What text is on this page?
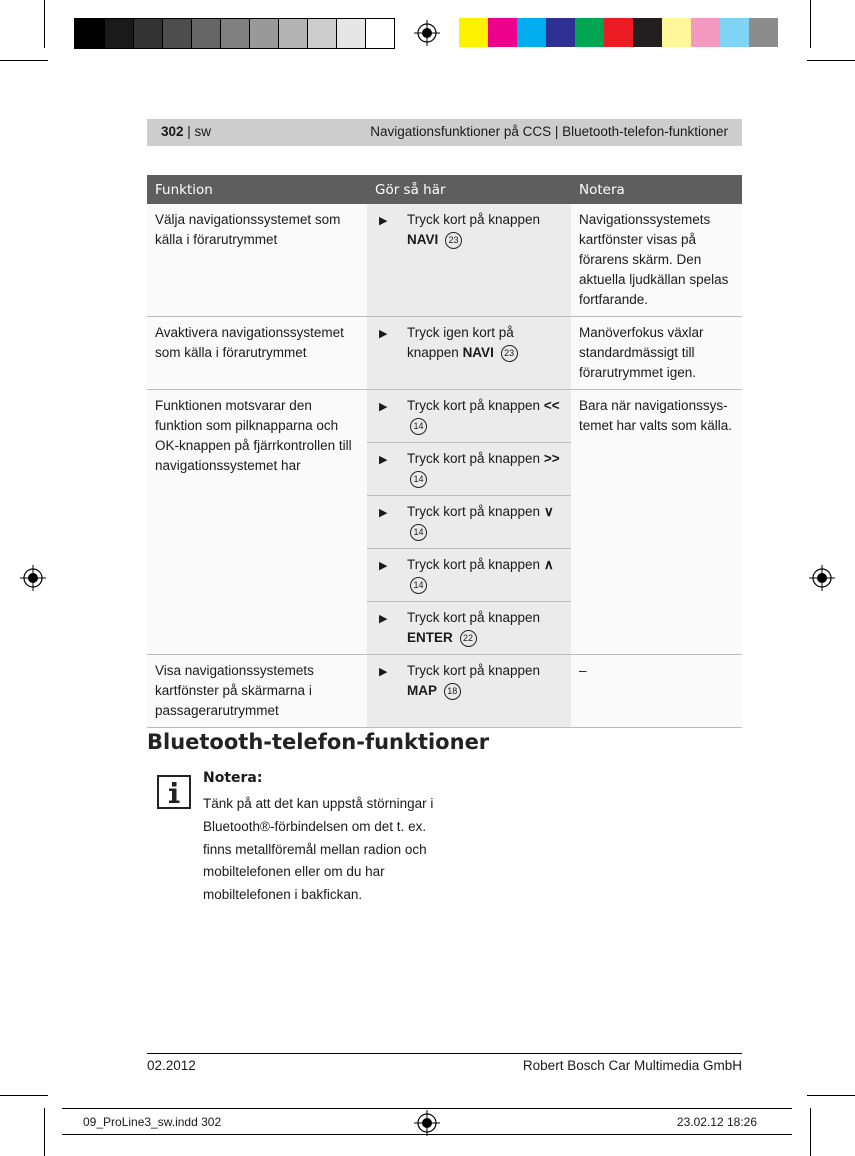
302 | sw	Navigationsfunktioner på CCS | Bluetooth-telefon-funktioner
Funktion	Gör så här	Notera
Välja navigationssystemet som källa i förarutrymmet	▶ Tryck kort på knappen NAVI 23	Navigationssystemets kartfönster visas på förarens skärm. Den aktuella ljudkällan spelas fortfarande.
Avaktivera navigationssystemet som källa i förarutrymmet	▶ Tryck igen kort på knappen NAVI 23	Manöverfokus växlar standardmässigt till förarutrymmet igen.
Funktionen motsvarar den funktion som pilknapparna och OK-knappen på fjärrkontrollen till navigationssystemet har	▶ Tryck kort på knappen << 14	Bara när navigationssys-temet har valts som källa.

	▶ Tryck kort på knappen >> 14	

	▶ Tryck kort på knappen ∨ 14	

	▶ Tryck kort på knappen ∧ 14	

	▶ Tryck kort på knappen ENTER 22	

Visa navigationssystemets kartfönster på skärmarna i passagerarutrymmet	▶ Tryck kort på knappen MAP 18	–
Bluetooth-telefon-funktioner
Notera:
Tänk på att det kan uppstå störningar i Bluetooth®-förbindelsen om det t. ex. finns metallföremål mellan radion och mobiltelefonen eller om du har mobiltelefonen i bakfickan.
02.2012	Robert Bosch Car Multimedia GmbH
09_ProLine3_sw.indd 302	23.02.12 18:26
